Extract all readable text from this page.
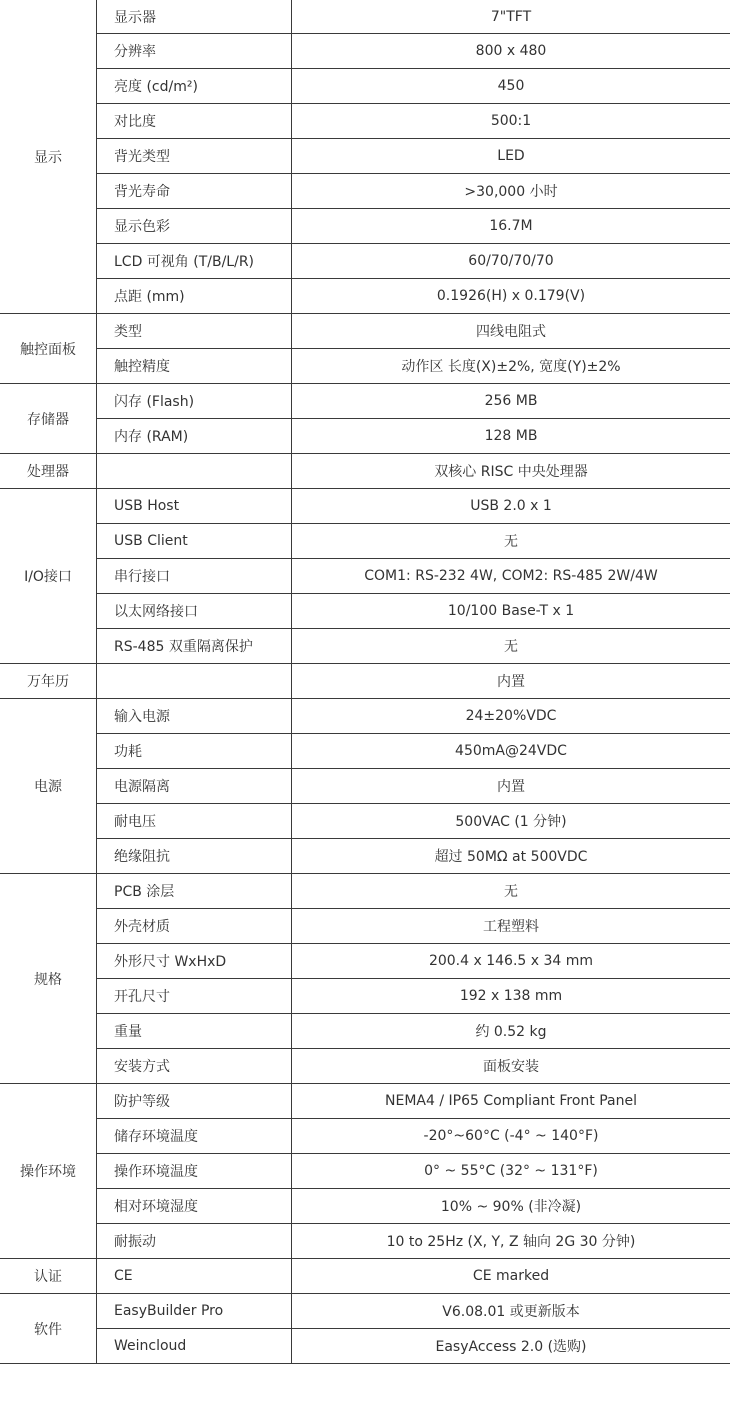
显示	显示器	7"TFT
	分辨率	800 x 480
	亮度 (cd/m²)	450
	对比度	500:1
	背光类型	LED
	背光寿命	>30,000 小时
	显示色彩	16.7M
	LCD 可视角 (T/B/L/R)	60/70/70/70
	点距 (mm)	0.1926(H) x 0.179(V)
触控面板	类型	四线电阻式
	触控精度	动作区 长度(X)±2%, 宽度(Y)±2%
存储器	闪存 (Flash)	256 MB
	内存 (RAM)	128 MB
处理器		双核心 RISC 中央处理器
I/O接口	USB Host	USB 2.0 x 1
	USB Client	无
	串行接口	COM1: RS-232 4W, COM2: RS-485 2W/4W
	以太网络接口	10/100 Base-T x 1
	RS-485 双重隔离保护	无
万年历		内置
电源	输入电源	24±20%VDC
	功耗	450mA@24VDC
	电源隔离	内置
	耐电压	500VAC (1 分钟)
	绝缘阻抗	超过 50MΩ at 500VDC
规格	PCB 涂层	无
	外壳材质	工程塑料
	外形尺寸 WxHxD	200.4 x 146.5 x 34 mm
	开孔尺寸	192 x 138 mm
	重量	约 0.52 kg
	安装方式	面板安装
操作环境	防护等级	NEMA4 / IP65 Compliant Front Panel
	储存环境温度	-20°~60°C (-4° ~ 140°F)
	操作环境温度	0° ~ 55°C (32° ~ 131°F)
	相对环境湿度	10% ~ 90% (非冷凝)
	耐振动	10 to 25Hz (X, Y, Z 轴向 2G 30 分钟)
认证	CE	CE marked
软件	EasyBuilder Pro	V6.08.01 或更新版本
	Weincloud	EasyAccess 2.0 (选购)
